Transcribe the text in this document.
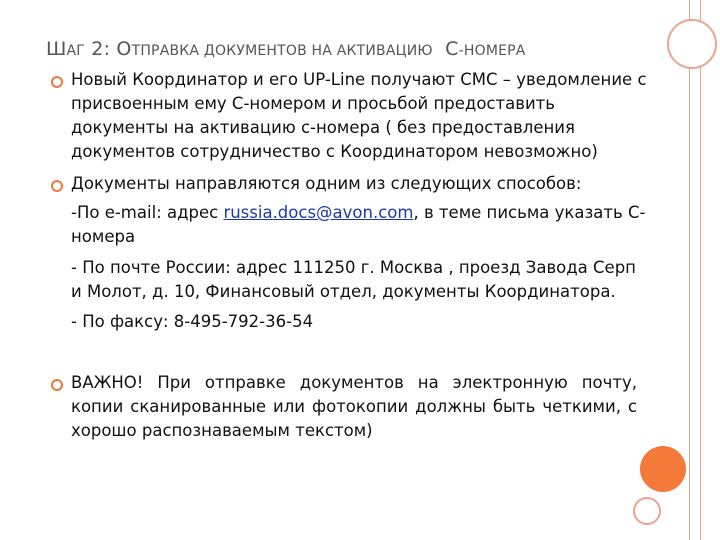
ШАГ 2: ОТПРАВКА ДОКУМЕНТОВ НА АКТИВАЦИЮ С-НОМЕРА
Новый Координатор и его UP-Line получают СМС – уведомление с присвоенным ему С-номером и просьбой предоставить документы на активацию с-номера ( без предоставления документов сотрудничество с Координатором невозможно)
Документы направляются одним из следующих способов:
-По e-mail: адрес russia.docs@avon.com, в теме письма указать С-номера
- По почте России: адрес 111250 г. Москва , проезд Завода Серп и Молот, д. 10, Финансовый отдел, документы Координатора.
- По факсу: 8-495-792-36-54
ВАЖНО! При отправке документов на электронную почту, копии сканированные или фотокопии должны быть четкими, с хорошо распознаваемым текстом)
